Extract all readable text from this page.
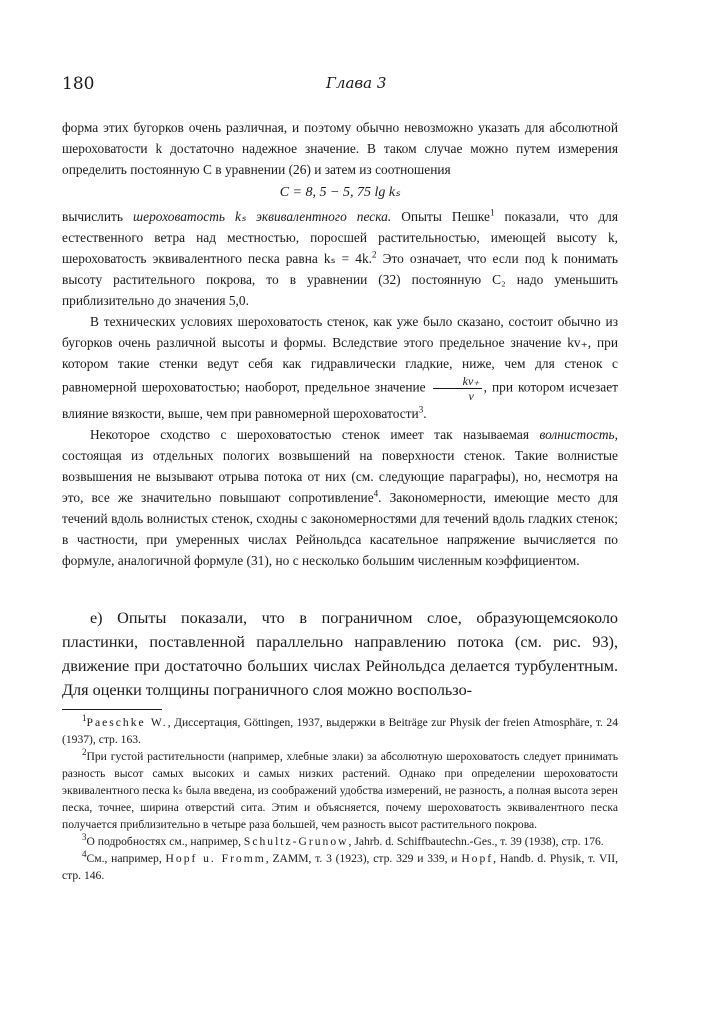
180	Глава 3

форма этих бугорков очень различная, и поэтому обычно невозможно указать для абсолютной шероховатости k достаточно надежное значение. В таком случае можно путем измерения определить постоянную C в уравнении (26) и затем из соотношения

C = 8, 5 − 5, 75 lg kₛ

вычислить шероховатость kₛ эквивалентного песка. Опыты Пешке$^1$ показали, что для естественного ветра над местностью, поросшей растительностью, имеющей высоту k, шероховатость эквивалентного песка равна kₛ = 4k.$^2$ Это означает, что если под k понимать высоту растительного покрова, то в уравнении (32) постоянную C₂ надо уменьшить приблизительно до значения 5,0.

В технических условиях шероховатость стенок, как уже было сказано, состоит обычно из бугорков очень различной высоты и формы. Вследствие этого предельное значение kv₊, при котором такие стенки ведут себя как гидравлически гладкие, ниже, чем для стенок с равномерной шероховатостью; наоборот, предельное значение $\frac{kv_+}{\nu}$ , при котором исчезает влияние вязкости, выше, чем при равномерной шероховатости$^3$.

Некоторое сходство с шероховатостью стенок имеет так называемая волнистость, состоящая из отдельных пологих возвышений на поверхности стенок. Такие волнистые возвышения не вызывают отрыва потока от них (см. следующие параграфы), но, несмотря на это, все же значительно повышают сопротивление$^4$. Закономерности, имеющие место для течений вдоль волнистых стенок, сходны с закономерностями для течений вдоль гладких стенок; в частности, при умеренных числах Рейнольдса касательное напряжение вычисляется по формуле, аналогичной формуле (31), но с несколько большим численным коэффициентом.

е) Опыты показали, что в пограничном слое, образующемсяоколо пластинки, поставленной параллельно направлению потока (см. рис. 93), движение при достаточно больших числах Рейнольдса делается турбулентным. Для оценки толщины пограничного слоя можно воспользо-

$^1$Paeschke W., Диссертация, Göttingen, 1937, выдержки в Beiträge zur Physik der freien Atmosphäre, т. 24 (1937), стр. 163.

$^2$При густой растительности (например, хлебные злаки) за абсолютную шероховатость следует принимать разность высот самых высоких и самых низких растений. Однако при определении шероховатости эквивалентного песка kₛ была введена, из соображений удобства измерений, не разность, а полная высота зерен песка, точнее, ширина отверстий сита. Этим и объясняется, почему шероховатость эквивалентного песка получается приблизительно в четыре раза большей, чем разность высот растительного покрова.

$^3$О подробностях см., например, Schultz-Grunow, Jahrb. d. Schiffbautechn.-Ges., т. 39 (1938), стр. 176.

$^4$См., например, Hopf u. Fromm, ZAMM, т. 3 (1923), стр. 329 и 339, и Hopf, Handb. d. Physik, т. VII, стр. 146.
